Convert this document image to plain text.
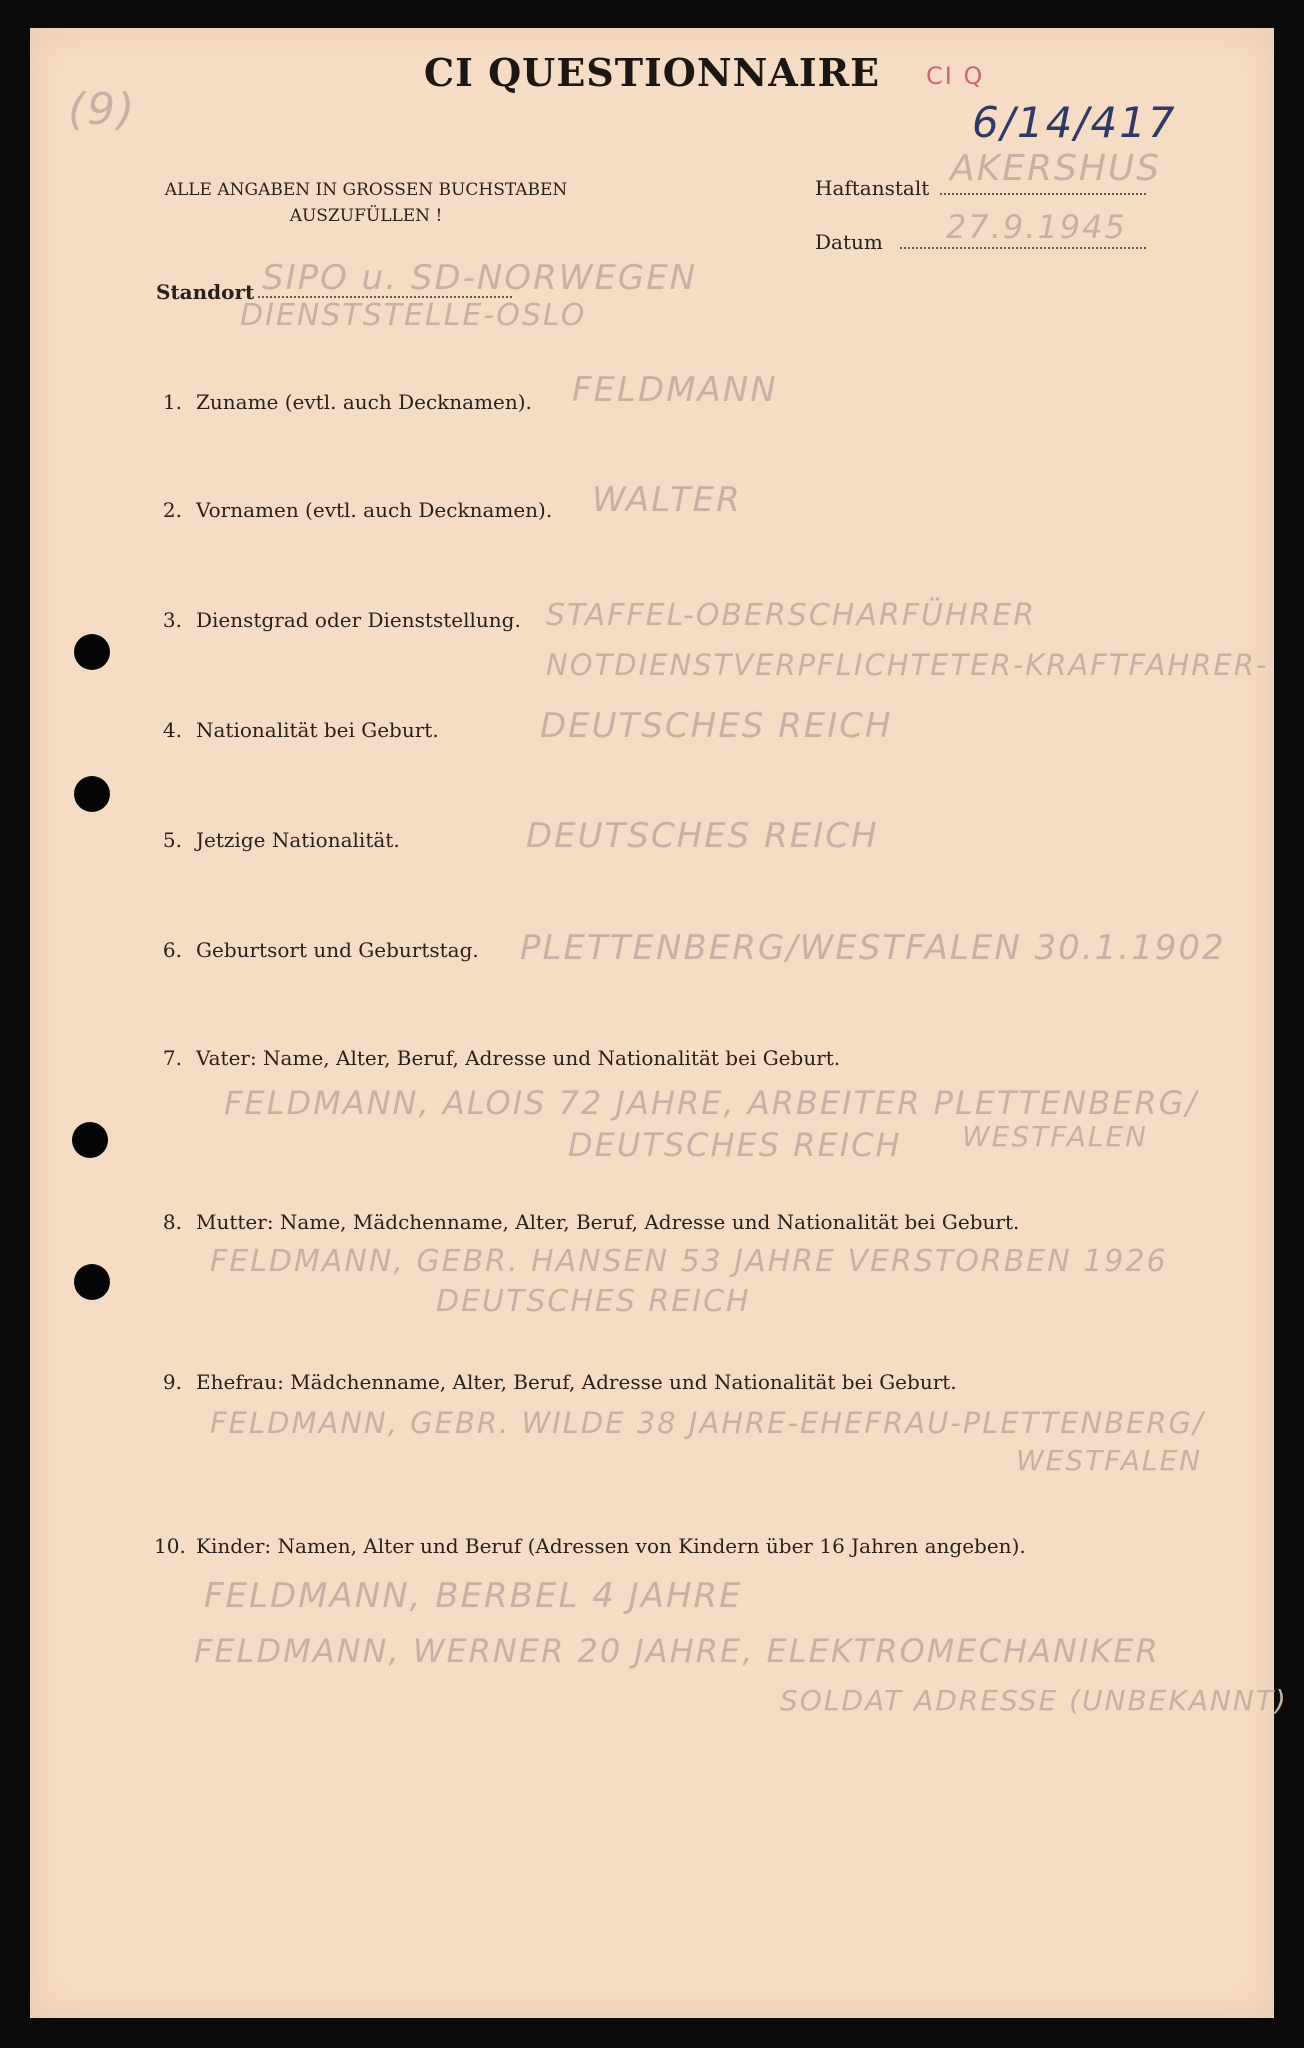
(9)
CI QUESTIONNAIRE	CI Q
6/14/417
ALLE ANGABEN IN GROSSEN BUCHSTABEN
AUSZUFÜLLEN !
Haftanstalt AKERSHUS
Datum 27.9.1945
Standort SIPO u. SD-NORWEGEN
DIENSTSTELLE-OSLO
1. Zuname (evtl. auch Decknamen). FELDMANN
2. Vornamen (evtl. auch Decknamen). WALTER
3. Dienstgrad oder Dienststellung. STAFFEL-OBERSCHARFÜHRER
NOTDIENSTVERPFLICHTETER-KRAFTFAHRER-
4. Nationalität bei Geburt.	DEUTSCHES REICH
5. Jetzige Nationalität.	DEUTSCHES REICH
6. Geburtsort und Geburtstag. PLETTENBERG/WESTFALEN 30.1.1902
7. Vater: Name, Alter, Beruf, Adresse und Nationalität bei Geburt.
FELDMANN, ALOIS 72 JAHRE, ARBEITER PLETTENBERG/
DEUTSCHES REICH WESTFALEN
8. Mutter: Name, Mädchenname, Alter, Beruf, Adresse und Nationalität bei Geburt.
FELDMANN, GEBR. HANSEN 53 JAHRE VERSTORBEN 1926
DEUTSCHES REICH
9. Ehefrau: Mädchenname, Alter, Beruf, Adresse und Nationalität bei Geburt.
FELDMANN, GEBR. WILDE 38 JAHRE-EHEFRAU-PLETTENBERG/
WESTFALEN
10. Kinder: Namen, Alter und Beruf (Adressen von Kindern über 16 Jahren angeben).
FELDMANN, BERBEL 4 JAHRE
FELDMANN, WERNER 20 JAHRE, ELEKTROMECHANIKER
SOLDAT ADRESSE (UNBEKANNT)
